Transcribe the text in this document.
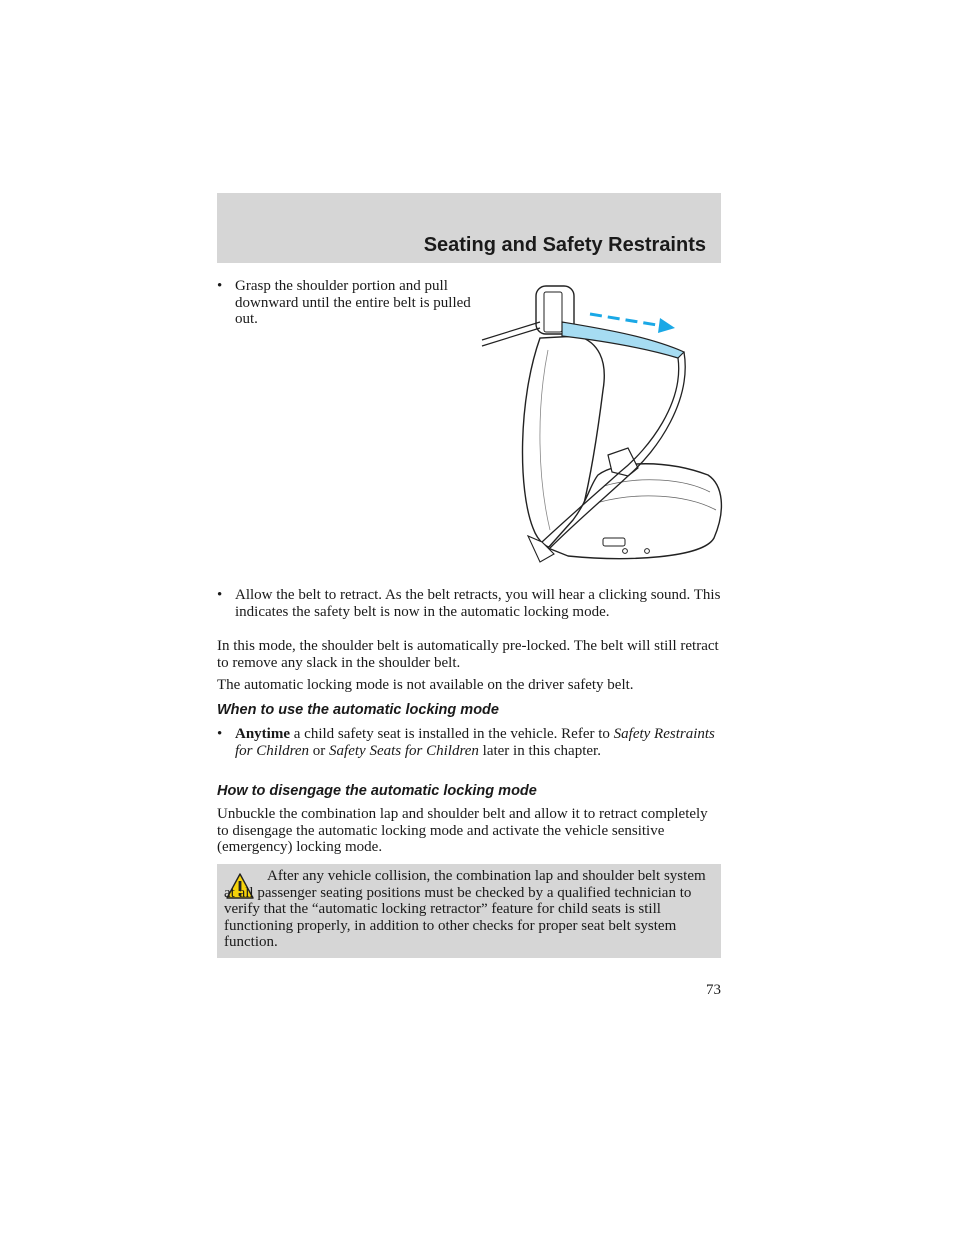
Seating and Safety Restraints

• Grasp the shoulder portion and pull downward until the entire belt is pulled out.

• Allow the belt to retract. As the belt retracts, you will hear a clicking sound. This indicates the safety belt is now in the automatic locking mode.

In this mode, the shoulder belt is automatically pre-locked. The belt will still retract to remove any slack in the shoulder belt.

The automatic locking mode is not available on the driver safety belt.

When to use the automatic locking mode

• Anytime a child safety seat is installed in the vehicle. Refer to Safety Restraints for Children or Safety Seats for Children later in this chapter.

How to disengage the automatic locking mode

Unbuckle the combination lap and shoulder belt and allow it to retract completely to disengage the automatic locking mode and activate the vehicle sensitive (emergency) locking mode.

After any vehicle collision, the combination lap and shoulder belt system at all passenger seating positions must be checked by a qualified technician to verify that the “automatic locking retractor” feature for child seats is still functioning properly, in addition to other checks for proper seat belt system function.

73
